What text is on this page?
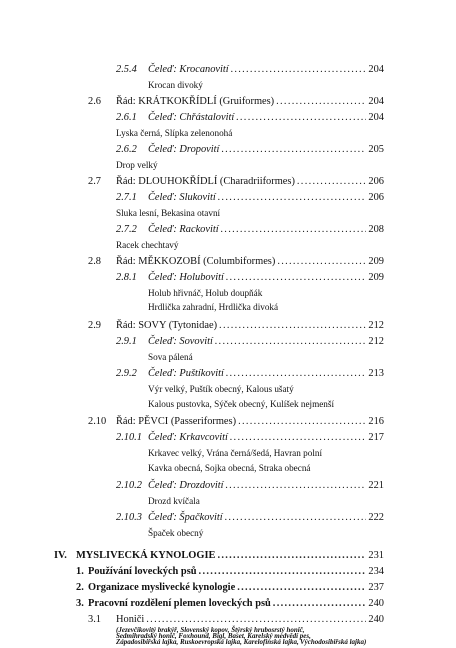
2.5.4 Čeleď: Krocanovití .....	204
Krocan divoký
2.6 Řád: KRÁTKOKŘÍDLÍ (Gruiformes) .....	204
2.6.1 Čeleď: Chřástalovití .....	204
Lyska černá, Slípka zelenonohá
2.6.2 Čeleď: Dropovití .....	205
Drop velký
2.7 Řád: DLOUHOKŘÍDLÍ (Charadriiformes) .....	206
2.7.1 Čeleď: Slukovití .....	206
Sluka lesní, Bekasina otavní
2.7.2 Čeleď: Rackovití .....	208
Racek chechtavý
2.8 Řád: MĚKKOZOBÍ (Columbiformes) .....	209
2.8.1 Čeleď: Holubovití .....	209
Holub hřivnáč, Holub doupňák
Hrdlička zahradní, Hrdlička divoká
2.9 Řád: SOVY (Tytonidae) .....	212
2.9.1 Čeleď: Sovovití .....	212
Sova pálená
2.9.2 Čeleď: Puštíkovití .....	213
Výr velký, Puštík obecný, Kalous ušatý
Kalous pustovka, Sýček obecný, Kulíšek nejmenší
2.10 Řád: PĚVCI (Passeriformes) .....	216
2.10.1 Čeleď: Krkavcovití .....	217
Krkavec velký, Vrána černá/šedá, Havran polní
Kavka obecná, Sojka obecná, Straka obecná
2.10.2 Čeleď: Drozdovití .....	221
Drozd kvíčala
2.10.3 Čeleď: Špačkovití .....	222
Špaček obecný
IV. MYSLIVECKÁ KYNOLOGIE .....	231
1. Používání loveckých psů .....	234
2. Organizace myslivecké kynologie .....	237
3. Pracovní rozdělení plemen loveckých psů .....	240
3.1 Honiči .....	240
(Jezevčíkovitý brakýř, Slovenský kopov, Štýrský hrubosrstý honič,
Sedmihradský honič, Foxhound, Bígl, Baset, Karelský medvědí pes,
Západosibiřská lajka, Ruskoevropská lajka, Karelofinská lajka, Východosibiřská lajka)
